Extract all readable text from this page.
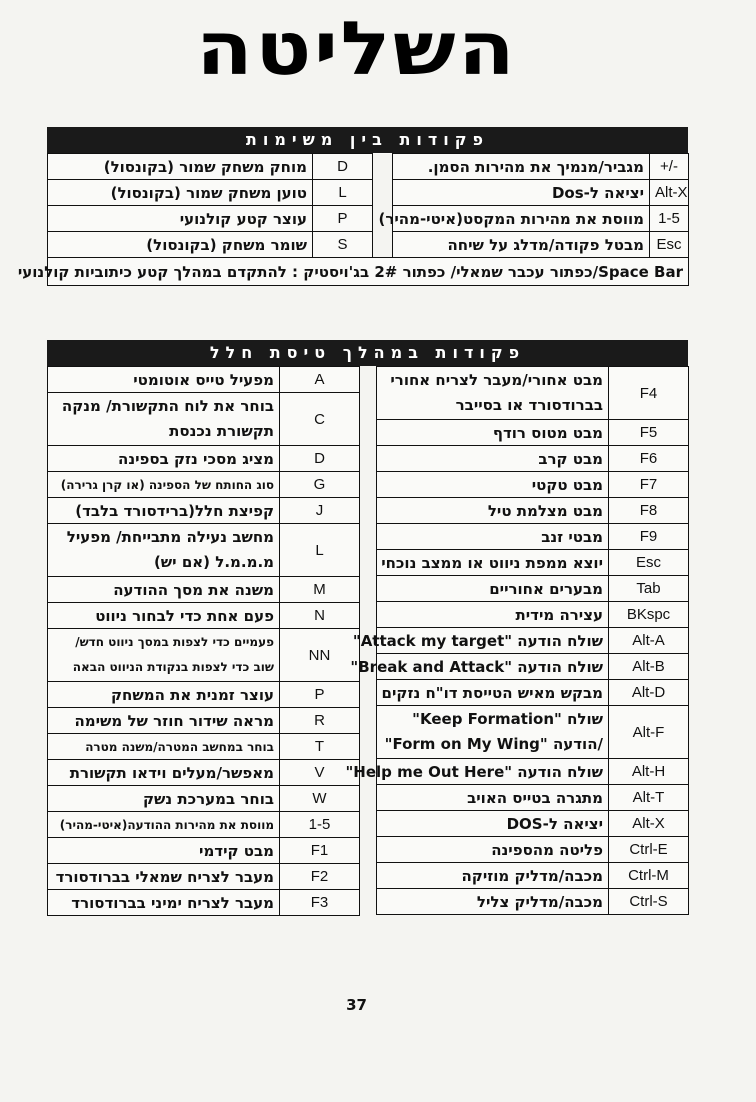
השליטה
פקודות בין משימות
מוחק משחק שמור (בקונסול)	D		מגביר/מנמיך את מהירות הסמן.	+/-
טוען משחק שמור (בקונסול)	L		יציאה ל-Dos	Alt-X
עוצר קטע קולנועי	P		מווסת את מהירות המקסט(איטי-מהיר)	1-5
שומר משחק (בקונסול)	S		מבטל פקודה/מדלג על שיחה	Esc
Space Bar/כפתור עכבר שמאלי/ כפתור 2# בג'ויסטיק : להתקדם במהלך קטע כיתוביות קולנועי				
פקודות במהלך טיסת חלל
מפעיל טייס אוטומטי	A
בוחר את לוח התקשורת/ מנקה תקשורת נכנסת	C
מציג מסכי נזק בספינה	D
סוג החותח של הספינה (או קרן גרירה)	G
קפיצת חלל(ברידסורד בלבד)	J
מחשב נעילה מתבייחת/ מפעיל מ.מ.מ.ל (אם יש)	L
משנה את מסך ההודעה	M
פעם אחת כדי לבחור ניווט	N
פעמיים כדי לצפות במסך ניווט חדש/ שוב כדי לצפות בנקודת הניווט הבאה	NN
עוצר זמנית את המשחק	P
מראה שידור חוזר של משימה	R
בוחר במחשב המטרה/משנה מטרה	T
מאפשר/מעלים וידאו תקשורת	V
בוחר במערכת נשק	W
מווסת את מהירות ההודעה(איטי-מהיר)	1-5
מבט קידמי	F1
מעבר לצריח שמאלי בברודסורד	F2
מעבר לצריח ימיני בברודסורד	F3
מבט אחורי/מעבר לצריח אחורי בברודסורד או בסייבר	F4
מבט מטוס רודף	F5
מבט קרב	F6
מבט טקטי	F7
מבט מצלמת טיל	F8
מבטי זנב	F9
יוצא ממפת ניווט או ממצב נוכחי	Esc
מבערים אחוריים	Tab
עצירה מידית	BKspc
שולח הודעה "Attack my target"	Alt-A
שולח הודעה "Break and Attack"	Alt-B
מבקש מאיש הטייסת דו"ח נזקים	Alt-D
שולח "Keep Formation" /הודעה "Form on My Wing"	Alt-F
שולח הודעה "Help me Out Here"	Alt-H
מתגרה בטייס האויב	Alt-T
יציאה ל-DOS	Alt-X
פליטה מהספינה	Ctrl-E
מכבה/מדליק מוזיקה	Ctrl-M
מכבה/מדליק צליל	Ctrl-S
37
